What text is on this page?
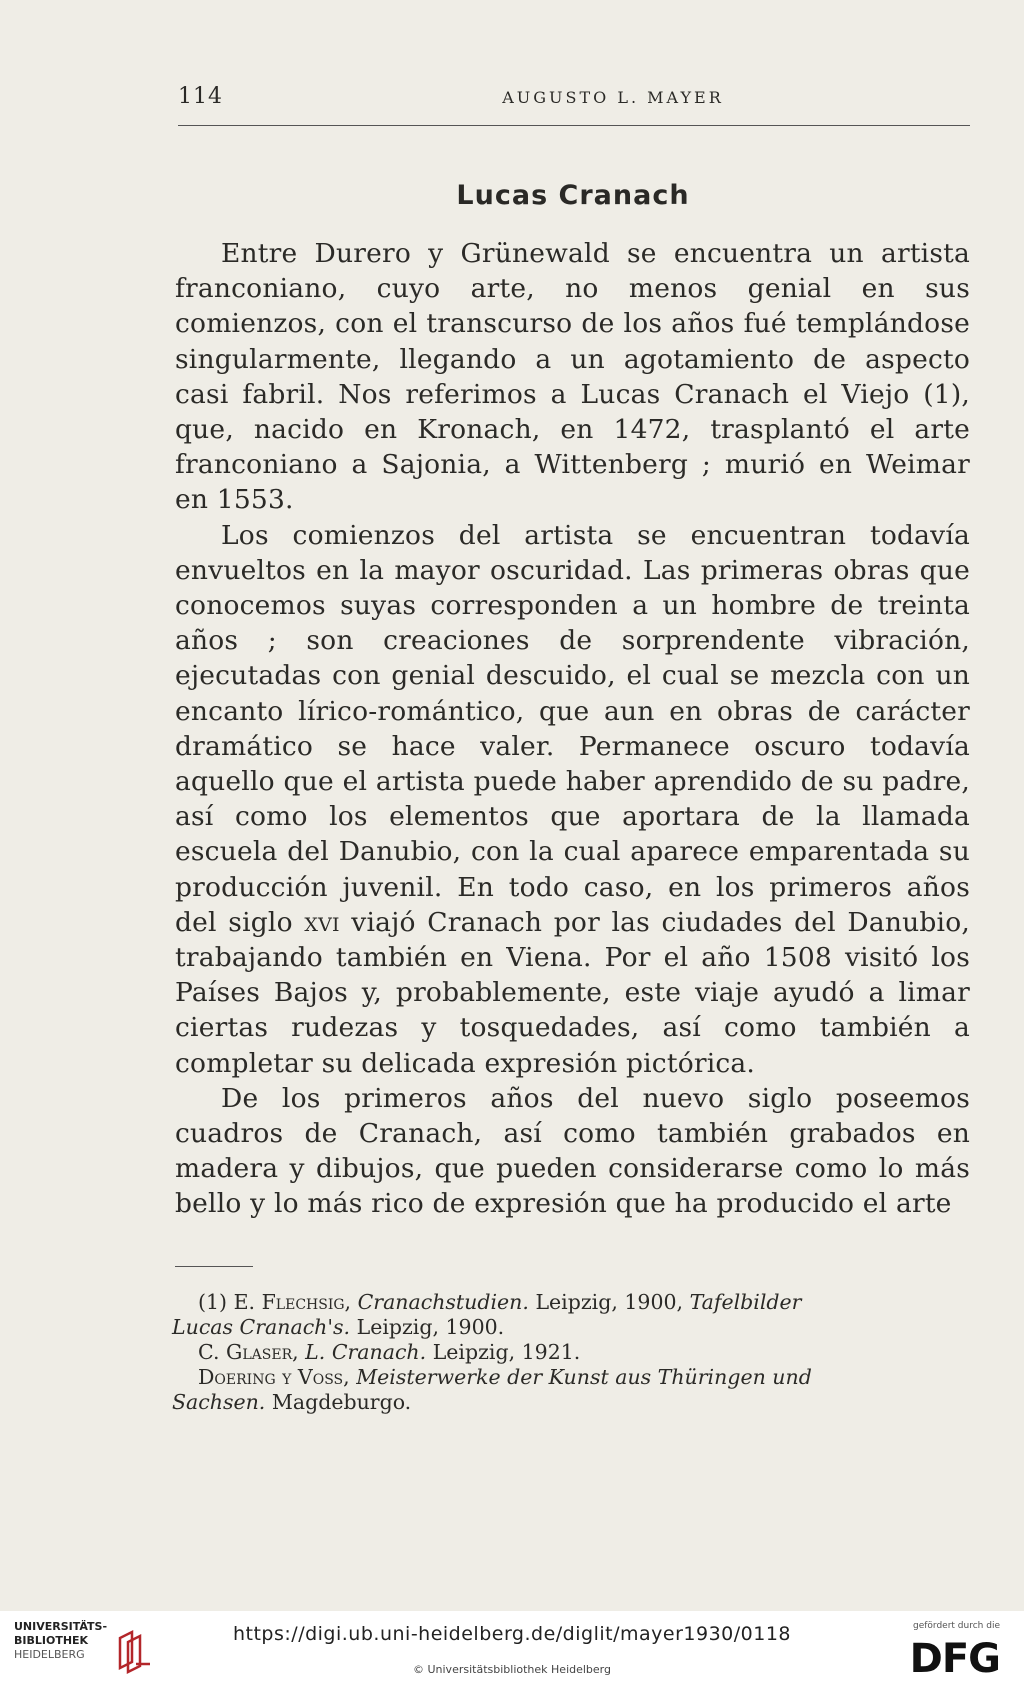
114	AUGUSTO L. MAYER
Lucas Cranach

Entre Durero y Grünewald se encuentra un artista franconiano, cuyo arte, no menos genial en sus comienzos, con el transcurso de los años fué templándose singularmente, llegando a un agotamiento de aspecto casi fabril. Nos referimos a Lucas Cranach el Viejo (1), que, nacido en Kronach, en 1472, trasplantó el arte franconiano a Sajonia, a Wittenberg ; murió en Weimar en 1553.

Los comienzos del artista se encuentran todavía envueltos en la mayor oscuridad. Las primeras obras que conocemos suyas corresponden a un hombre de treinta años ; son creaciones de sorprendente vibración, ejecutadas con genial descuido, el cual se mezcla con un encanto lírico-romántico, que aun en obras de carácter dramático se hace valer. Permanece oscuro todavía aquello que el artista puede haber aprendido de su padre, así como los elementos que aportara de la llamada escuela del Danubio, con la cual aparece emparentada su producción juvenil. En todo caso, en los primeros años del siglo xvi viajó Cranach por las ciudades del Danubio, trabajando también en Viena. Por el año 1508 visitó los Países Bajos y, probablemente, este viaje ayudó a limar ciertas rudezas y tosquedades, así como también a completar su delicada expresión pictórica.

De los primeros años del nuevo siglo poseemos cuadros de Cranach, así como también grabados en madera y dibujos, que pueden considerarse como lo más bello y lo más rico de expresión que ha producido el arte

(1) E. Flechsig, Cranachstudien. Leipzig, 1900, Tafelbilder
Lucas Cranach's. Leipzig, 1900.
C. Glaser, L. Cranach. Leipzig, 1921.
Doering y Voss, Meisterwerke der Kunst aus Thüringen und
Sachsen. Magdeburgo.
UNIVERSITÄTS-
BIBLIOTHEK
HEIDELBERG
https://digi.ub.uni-heidelberg.de/diglit/mayer1930/0118
© Universitätsbibliothek Heidelberg
gefördert durch die
DFG
